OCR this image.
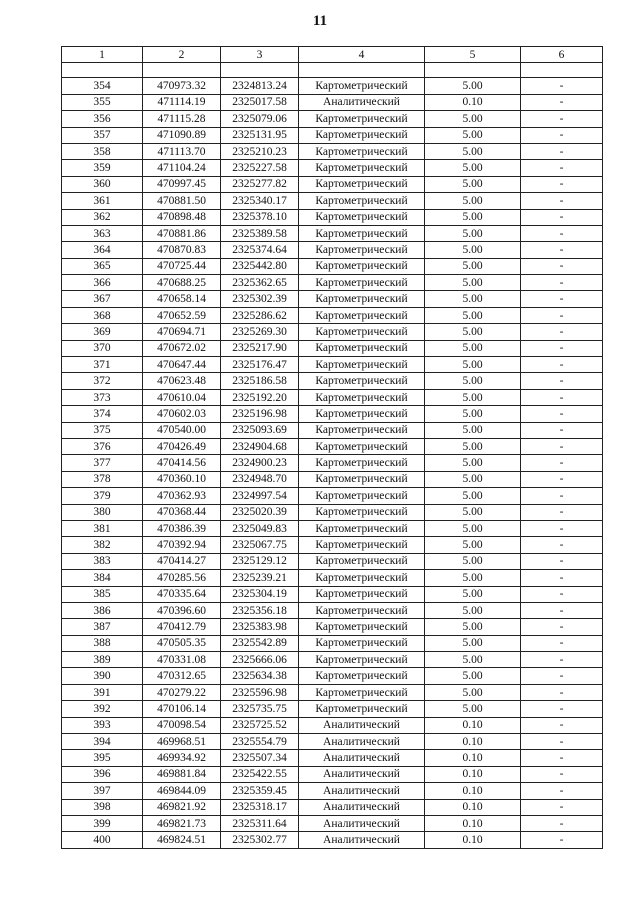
11
1	2	3	4	5	6

354	470973.32	2324813.24	Картометрический	5.00	-
355	471114.19	2325017.58	Аналитический	0.10	-
356	471115.28	2325079.06	Картометрический	5.00	-
357	471090.89	2325131.95	Картометрический	5.00	-
358	471113.70	2325210.23	Картометрический	5.00	-
359	471104.24	2325227.58	Картометрический	5.00	-
360	470997.45	2325277.82	Картометрический	5.00	-
361	470881.50	2325340.17	Картометрический	5.00	-
362	470898.48	2325378.10	Картометрический	5.00	-
363	470881.86	2325389.58	Картометрический	5.00	-
364	470870.83	2325374.64	Картометрический	5.00	-
365	470725.44	2325442.80	Картометрический	5.00	-
366	470688.25	2325362.65	Картометрический	5.00	-
367	470658.14	2325302.39	Картометрический	5.00	-
368	470652.59	2325286.62	Картометрический	5.00	-
369	470694.71	2325269.30	Картометрический	5.00	-
370	470672.02	2325217.90	Картометрический	5.00	-
371	470647.44	2325176.47	Картометрический	5.00	-
372	470623.48	2325186.58	Картометрический	5.00	-
373	470610.04	2325192.20	Картометрический	5.00	-
374	470602.03	2325196.98	Картометрический	5.00	-
375	470540.00	2325093.69	Картометрический	5.00	-
376	470426.49	2324904.68	Картометрический	5.00	-
377	470414.56	2324900.23	Картометрический	5.00	-
378	470360.10	2324948.70	Картометрический	5.00	-
379	470362.93	2324997.54	Картометрический	5.00	-
380	470368.44	2325020.39	Картометрический	5.00	-
381	470386.39	2325049.83	Картометрический	5.00	-
382	470392.94	2325067.75	Картометрический	5.00	-
383	470414.27	2325129.12	Картометрический	5.00	-
384	470285.56	2325239.21	Картометрический	5.00	-
385	470335.64	2325304.19	Картометрический	5.00	-
386	470396.60	2325356.18	Картометрический	5.00	-
387	470412.79	2325383.98	Картометрический	5.00	-
388	470505.35	2325542.89	Картометрический	5.00	-
389	470331.08	2325666.06	Картометрический	5.00	-
390	470312.65	2325634.38	Картометрический	5.00	-
391	470279.22	2325596.98	Картометрический	5.00	-
392	470106.14	2325735.75	Картометрический	5.00	-
393	470098.54	2325725.52	Аналитический	0.10	-
394	469968.51	2325554.79	Аналитический	0.10	-
395	469934.92	2325507.34	Аналитический	0.10	-
396	469881.84	2325422.55	Аналитический	0.10	-
397	469844.09	2325359.45	Аналитический	0.10	-
398	469821.92	2325318.17	Аналитический	0.10	-
399	469821.73	2325311.64	Аналитический	0.10	-
400	469824.51	2325302.77	Аналитический	0.10	-
